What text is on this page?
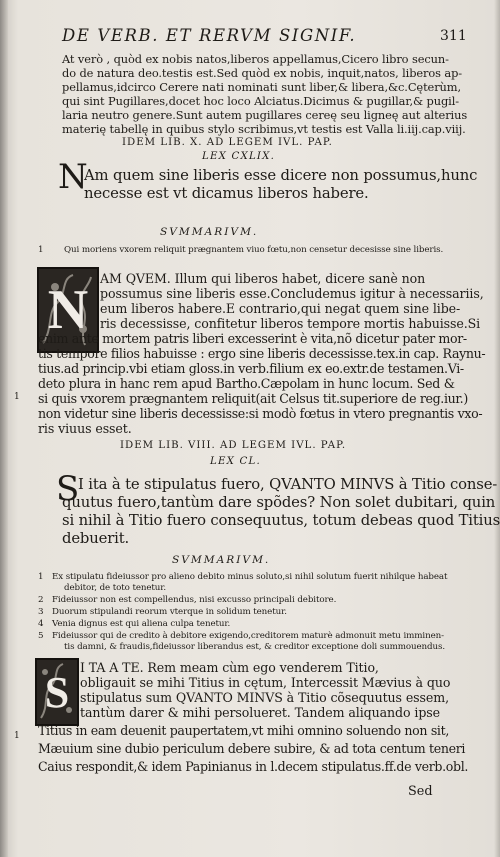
DE VERB. ET RERVM SIGNIF.	311
At verò , quòd ex nobis natos,liberos appellamus,Cicero libro secun-
do de natura deo.testis est.Sed quòd ex nobis, inquit,natos, liberos ap-
pellamus,idcirco Cerere nati nominati sunt liber,& libera,&c.Cęterùm,
qui sint Pugillares,docet hoc loco Alciatus.Dicimus & pugillar,& pugil-
laria neutro genere.Sunt autem pugillares cereę seu ligneę aut alterius
materię tabellę in quibus stylo scribimus,vt testis est Valla li.iij.cap.viij.
IDEM LIB. X. AD LEGEM IVL. PAP.
LEX CXLIX.
N
Am quem sine liberis esse dicere non possumus,hunc
necesse est vt dicamus liberos habere.
SVMMARIVM.
1 Qui moriens vxorem reliquit prægnantem viuo fœtu,non censetur decesisse sine liberis.
N
AM QVEM. Illum qui liberos habet, dicere sanè non
possumus sine liberis esse.Concludemus igitur à necessariis,
eum liberos habere.E contrario,qui negat quem sine libe-
ris decessisse, confitetur liberos tempore mortis habuisse.Si
enim ante mortem patris liberi excesserint è vita,nõ dicetur pater mor-
tis tempore filios habuisse : ergo sine liberis decessisse.tex.in cap. Raynu-
tius.ad princip.vbi etiam gloss.in verb.filium ex eo.extr.de testamen.Vi-
deto plura in hanc rem apud Bartho.Cæpolam in hunc locum. Sed &
1 si quis vxorem prægnantem reliquit(ait Celsus tit.superiore de reg.iur.)
non videtur sine liberis decessisse:si modò fœtus in vtero pregnantis vxo-
ris viuus esset.
IDEM LIB. VIII. AD LEGEM IVL. PAP.
LEX CL.
S
I ita à te stipulatus fuero, QVANTO MINVS à Titio conse-
quutus fuero,tantùm dare spõdes? Non solet dubitari, quin
si nihil à Titio fuero consequutus, totum debeas quod Titius
debuerit.
SVMMARIVM.
1 Ex stipulatu fideiussor pro alieno debito minus soluto,si nihil solutum fuerit nihilque habeat
debitor, de toto tenetur.
2 Fideiussor non est compellendus, nisi excusso principali debitore.
3 Duorum stipulandi reorum vterque in solidum tenetur.
4 Venia dignus est qui aliena culpa tenetur.
5 Fideiussor qui de credito à debitore exigendo,creditorem maturè admonuit metu imminen-
tis damni, & fraudis,fideiussor liberandus est, & creditor exceptione doli summouendus.
S I TA A TE. Rem meam cùm ego venderem Titio,
obligauit se mihi Titius in cętum, Intercessit Mævius à quo
stipulatus sum QVANTO MINVS à Titio cõsequutus essem,
tantùm darer & mihi persolueret. Tandem aliquando ipse
1 Titius in eam deuenit paupertatem,vt mihi omnino soluendo non sit,
Mæuium sine dubio periculum debere subire, & ad tota centum teneri
Caius respondit,& idem Papinianus in l.decem stipulatus.ff.de verb.obl.
Sed
